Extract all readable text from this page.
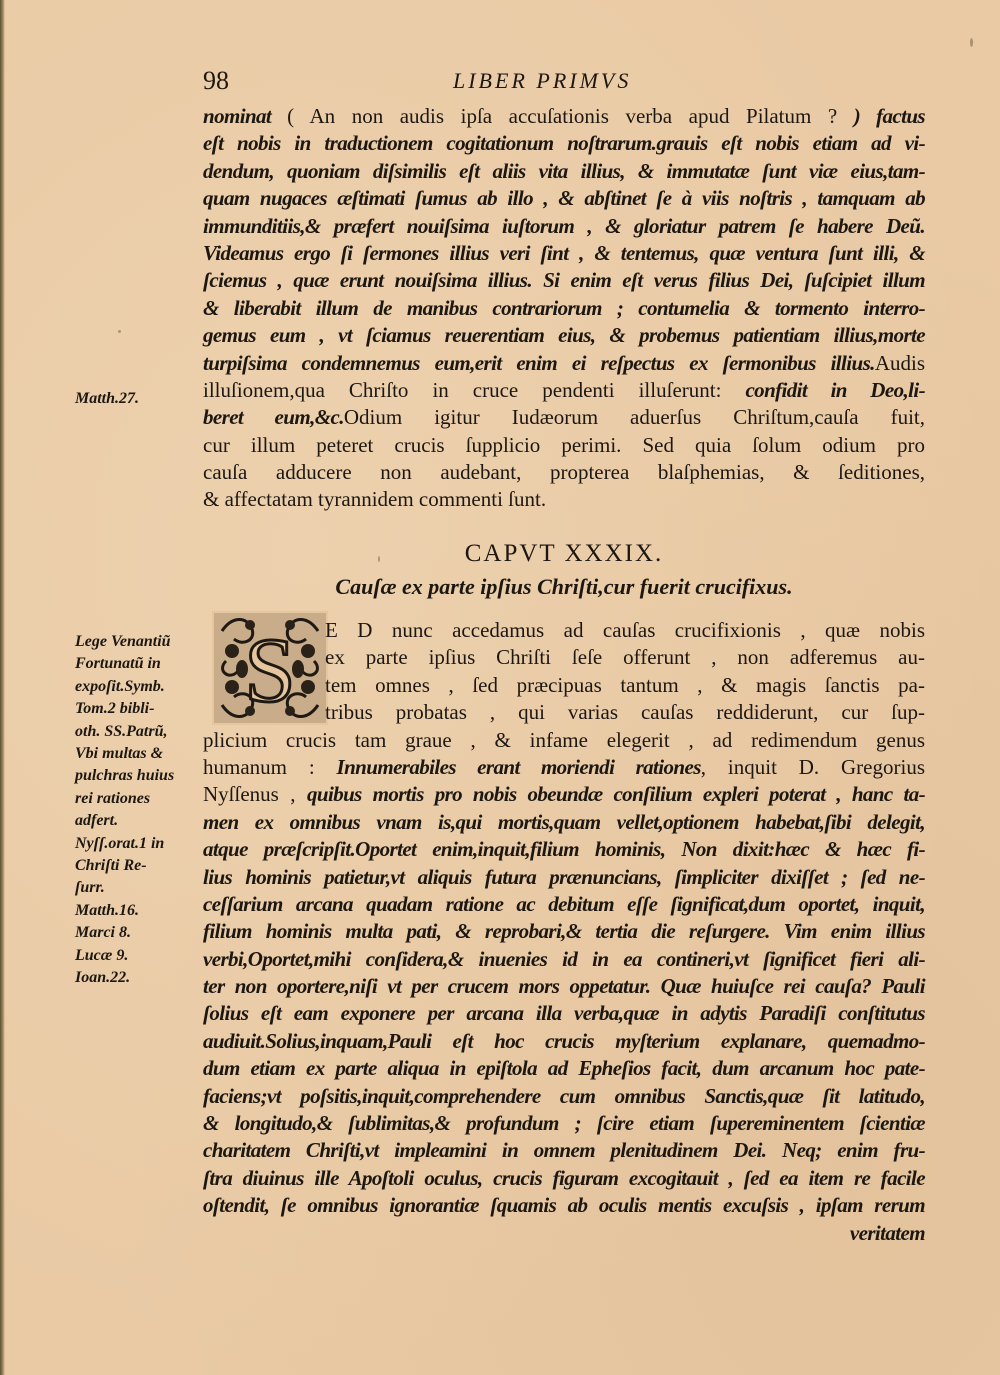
98	LIBER PRIMVS
nominat ( An non audis ipſa accuſationis verba apud Pilatum ? ) factus
eſt nobis in traductionem cogitationum noſtrarum.grauis eſt nobis etiam ad vi-
dendum, quoniam diſsimilis eſt aliis vita illius, & immutatæ ſunt viæ eius,tam-
quam nugaces æſtimati ſumus ab illo , & abſtinet ſe à viis noſtris , tamquam ab
immunditiis,& præfert nouiſsima iuſtorum , & gloriatur patrem ſe habere Deũ.
Videamus ergo ſi ſermones illius veri ſint , & tentemus, quæ ventura ſunt illi, &
ſciemus , quæ erunt nouiſsima illius. Si enim eſt verus filius Dei, ſuſcipiet illum
& liberabit illum de manibus contrariorum ; contumelia & tormento interro-
gemus eum , vt ſciamus reuerentiam eius, & probemus patientiam illius,morte
turpiſsima condemnemus eum,erit enim ei reſpectus ex ſermonibus illius.Audis
illuſionem,qua Chriſto in cruce pendenti illuſerunt: confidit in Deo,li-
beret eum,&c.Odium igitur Iudæorum aduerſus Chriſtum,cauſa fuit,
cur illum peteret crucis ſupplicio perimi. Sed quia ſolum odium pro
cauſa adducere non audebant, propterea blaſphemias, & ſeditiones,
& affectatam tyrannidem commenti ſunt.
CAPVT XXXIX.
Cauſæ ex parte ipſius Chriſti,cur fuerit crucifixus.
S	E D nunc accedamus ad cauſas crucifixionis , quæ nobis
ex parte ipſius Chriſti ſeſe offerunt , non adferemus au-
tem omnes , ſed præcipuas tantum , & magis ſanctis pa-
tribus probatas , qui varias cauſas reddiderunt, cur ſup-
plicium crucis tam graue , & infame elegerit , ad redimendum genus
humanum : Innumerabiles erant moriendi rationes, inquit D. Gregorius
Nyſſenus , quibus mortis pro nobis obeundæ conſilium expleri poterat , hanc ta-
men ex omnibus vnam is,qui mortis,quam vellet,optionem habebat,ſibi delegit,
atque præſcripſit.Oportet enim,inquit,filium hominis, Non dixit:hæc & hæc fi-
lius hominis patietur,vt aliquis futura prænuncians, ſimpliciter dixiſſet ; ſed ne-
ceſſarium arcana quadam ratione ac debitum eſſe ſignificat,dum oportet, inquit,
filium hominis multa pati, & reprobari,& tertia die reſurgere. Vim enim illius
verbi,Oportet,mihi conſidera,& inuenies id in ea contineri,vt ſignificet fieri ali-
ter non oportere,niſi vt per crucem mors oppetatur. Quæ huiuſce rei cauſa? Pauli
ſolius eſt eam exponere per arcana illa verba,quæ in adytis Paradiſi conſtitutus
audiuit.Solius,inquam,Pauli eſt hoc crucis myſterium explanare, quemadmo-
dum etiam ex parte aliqua in epiſtola ad Epheſios facit, dum arcanum hoc pate-
faciens;vt poſsitis,inquit,comprehendere cum omnibus Sanctis,quæ ſit latitudo,
& longitudo,& ſublimitas,& profundum ; ſcire etiam ſupereminentem ſcientiæ
charitatem Chriſti,vt impleamini in omnem plenitudinem Dei. Neq; enim fru-
ſtra diuinus ille Apoſtoli oculus, crucis figuram excogitauit , ſed ea item re facile
oſtendit, ſe omnibus ignorantiæ ſquamis ab oculis mentis excuſsis , ipſam rerum
veritatem
Matth.27.
Lege Venantiũ
Fortunatũ in
expoſit.Symb.
Tom.2 bibli-
oth. SS.Patrũ,
Vbi multas &
pulchras huius
rei rationes
adfert.
Nyſſ.orat.1 in
Chriſti Re-
ſurr.
Matth.16.
Marci 8.
Lucæ 9.
Ioan.22.
